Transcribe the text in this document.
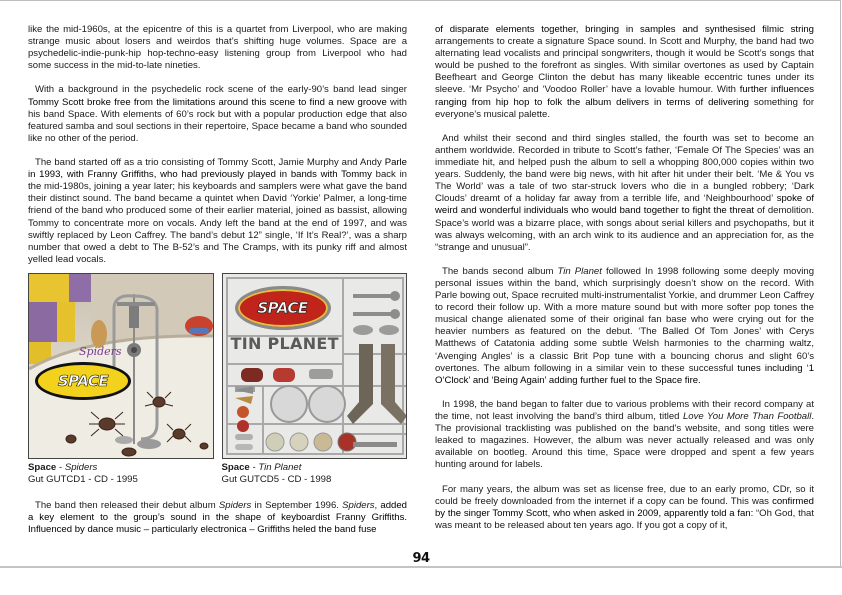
like the mid-1960s, at the epicentre of this is a quartet from Liverpool, who are making strange music about losers and weirdos that’s shifting huge volumes. Space are a psychedelic-indie-punk-hip hop-techno-easy listening group from Liverpool who had some success in the mid-to-late nineties.

With a background in the psychedelic rock scene of the early-90’s band lead singer Tommy Scott broke free from the limitations around this scene to find a new groove with his band Space. With elements of 60’s rock but with a popular production edge that also featured samba and soul sections in their repertoire, Space became a band who sounded like no other of the period.

The band started off as a trio consisting of Tommy Scott, Jamie Murphy and Andy Parle in 1993, with Franny Griffiths, who had previously played in bands with Tommy back in the mid-1980s, joining a year later; his keyboards and samplers were what gave the band their distinct sound. The band became a quintet when David ‘Yorkie’ Palmer, a long-time friend of the band who produced some of their earlier material, joined as bassist, allowing Tommy to concentrate more on vocals. Andy left the band at the end of 1997, and was swiftly replaced by Leon Caffrey. The band’s debut 12” single, ‘If It’s Real?’, was a sharp number that owed a debt to The B-52’s and The Cramps, with its punky riff and almost yelled lead vocals.

SPACE
Spiders
SPACE
TIN PLANET
Space - Spiders
Gut GUTCD1 - CD - 1995
Space - Tin Planet
Gut GUTCD5 - CD - 1998

The band then released their debut album Spiders in September 1996. Spiders, added a key element to the group’s sound in the shape of keyboardist Franny Griffiths. Influenced by dance music – particularly electronica – Griffiths heled the band fuse

of disparate elements together, bringing in samples and synthesised filmic string arrangements to create a signature Space sound. In Scott and Murphy, the band had two alternating lead vocalists and principal songwriters, though it would be Scott’s songs that would be pushed to the forefront as singles. With similar overtones as used by Captain Beefheart and George Clinton the debut has many likeable eccentric tunes under its sleeve. ‘Mr Psycho’ and ‘Voodoo Roller’ have a lovable humour. With further influences ranging from hip hop to folk the album delivers in terms of delivering something for everyone’s musical palette.

And whilst their second and third singles stalled, the fourth was set to become an anthem worldwide. Recorded in tribute to Scott’s father, ‘Female Of The Species’ was an immediate hit, and helped push the album to sell a whopping 800,000 copies within two years. Suddenly, the band were big news, with hit after hit under their belt. ‘Me & You vs The World’ was a tale of two star-struck lovers who die in a bungled robbery; ‘Dark Clouds’ dreamt of a holiday far away from a terrible life, and ‘Neighbourhood’ spoke of weird and wonderful individuals who would band together to fight the threat of demolition. Space’s world was a bizarre place, with songs about serial killers and psychopaths, but it was always welcoming, with an arch wink to its audience and an appreciation for, as the “strange and unusual”.

The bands second album Tin Planet followed In 1998 following some deeply moving personal issues within the band, which surprisingly doesn’t show on the record. With Parle bowing out, Space recruited multi-instrumentalist Yorkie, and drummer Leon Caffrey to record their follow up. With a more mature sound but with more softer pop tones the musical change alienated some of their original fan base who were crying out for the heavier numbers as featured on the debut. ‘The Balled Of Tom Jones’ with Cerys Matthews of Catatonia adding some subtle Welsh harmonies to the charming waltz, ‘Avenging Angles’ is a classic Brit Pop tune with a bouncing chorus and slight 60’s overtones. The album following in a similar vein to these successful tunes including ‘1 O’Clock’ and ‘Being Again’ adding further fuel to the Space fire.

In 1998, the band began to falter due to various problems with their record company at the time, not least involving the band’s third album, titled Love You More Than Football. The provisional tracklisting was published on the band’s website, and song titles were leaked to magazines. However, the album was never actually released and was only available on bootleg. Around this time, Space were dropped and spent a few years hunting around for labels.

For many years, the album was set as license free, due to an early promo, CDr, so it could be freely downloaded from the internet if a copy can be found. This was confirmed by the singer Tommy Scott, who when asked in 2009, apparently told a fan: “Oh God, that was meant to be released about ten years ago. If you got a copy of it,

94
